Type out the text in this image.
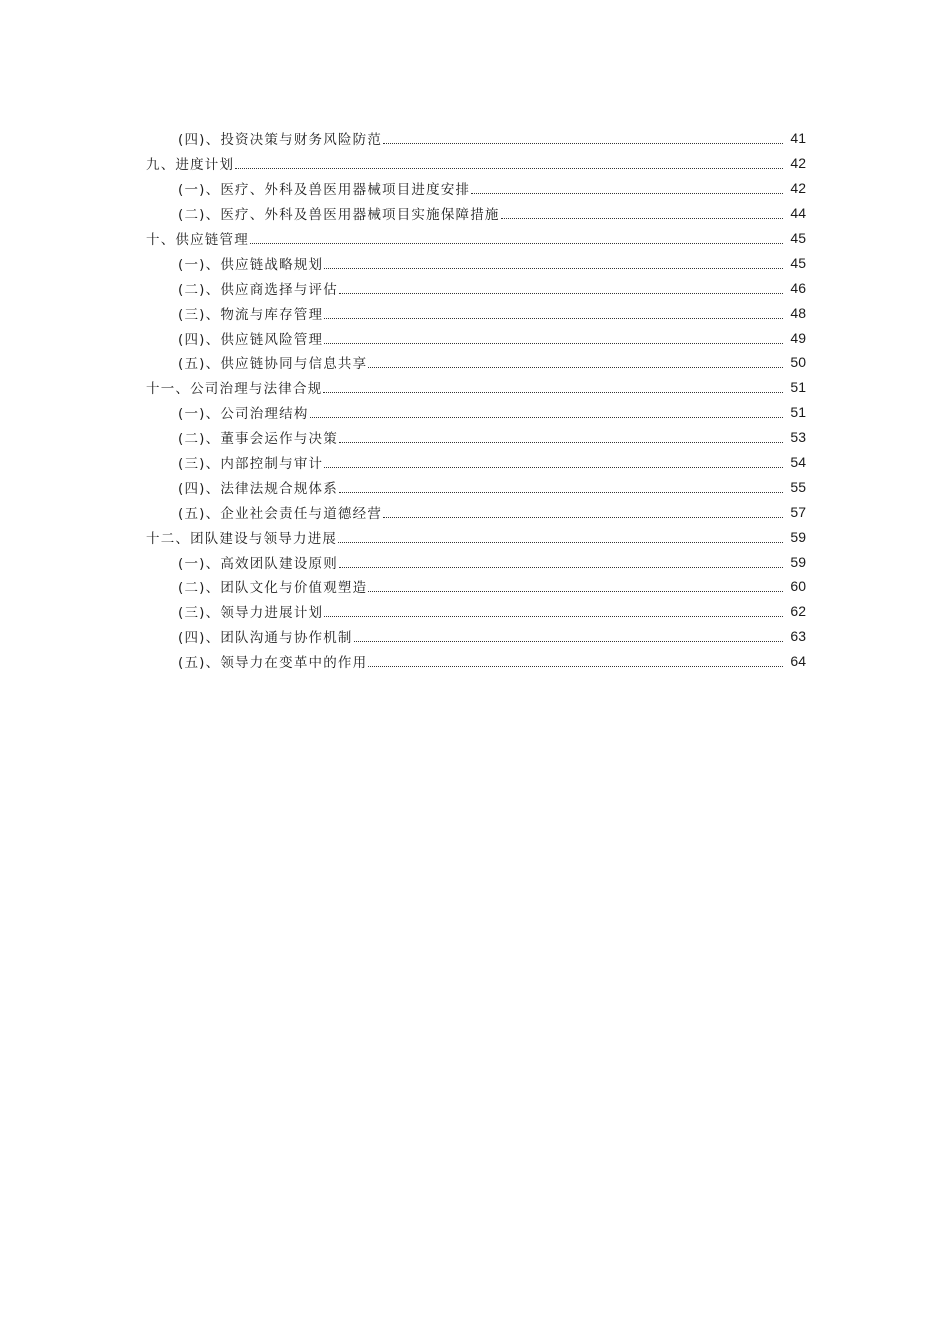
(四)、投资决策与财务风险防范	41
九、进度计划	42
(一)、医疗、外科及兽医用器械项目进度安排	42
(二)、医疗、外科及兽医用器械项目实施保障措施	44
十、供应链管理	45
(一)、供应链战略规划	45
(二)、供应商选择与评估	46
(三)、物流与库存管理	48
(四)、供应链风险管理	49
(五)、供应链协同与信息共享	50
十一、公司治理与法律合规	51
(一)、公司治理结构	51
(二)、董事会运作与决策	53
(三)、内部控制与审计	54
(四)、法律法规合规体系	55
(五)、企业社会责任与道德经营	57
十二、团队建设与领导力进展	59
(一)、高效团队建设原则	59
(二)、团队文化与价值观塑造	60
(三)、领导力进展计划	62
(四)、团队沟通与协作机制	63
(五)、领导力在变革中的作用	64
